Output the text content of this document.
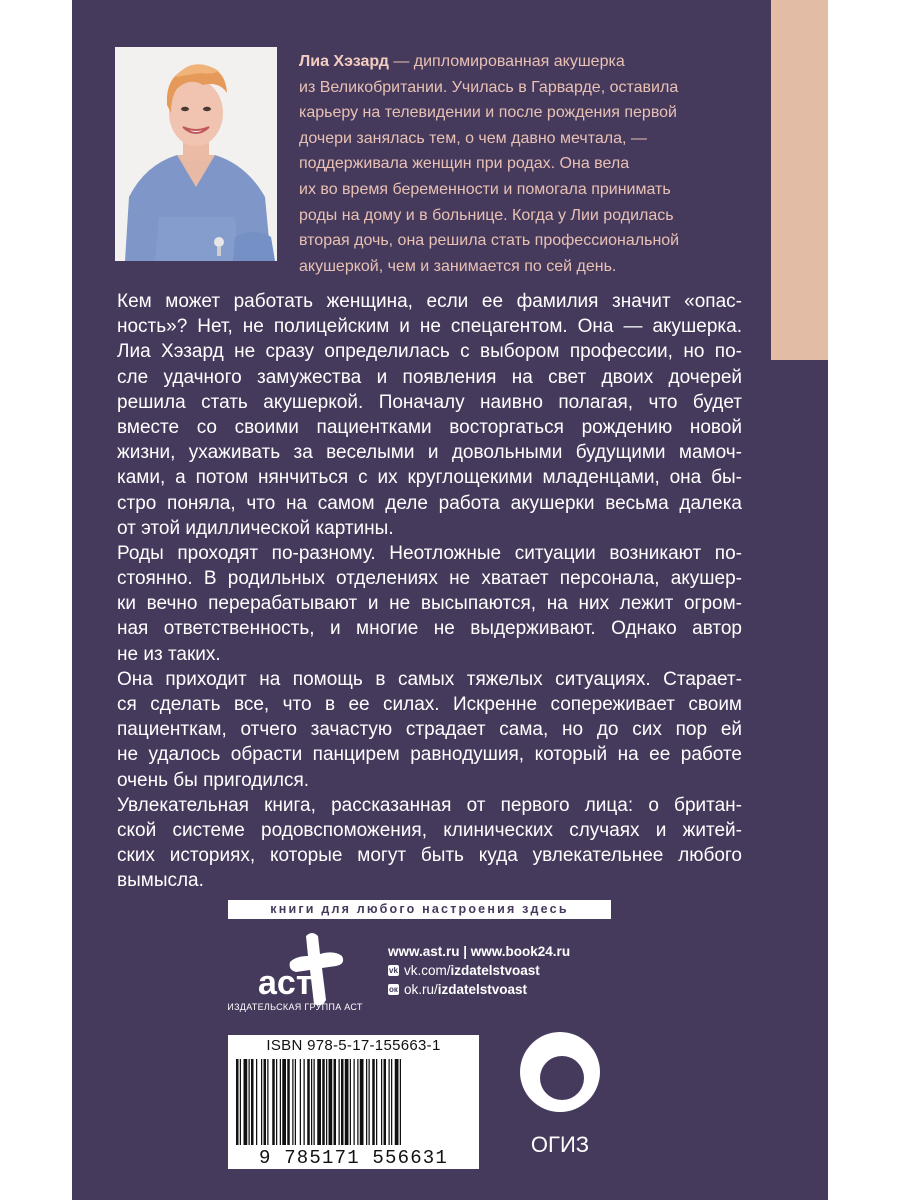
Лиа Хэзард — дипломированная акушерка
из Великобритании. Училась в Гарварде, оставила
карьеру на телевидении и после рождения первой
дочери занялась тем, о чем давно мечтала, —
поддерживала женщин при родах. Она вела
их во время беременности и помогала принимать
роды на дому и в больнице. Когда у Лии родилась
вторая дочь, она решила стать профессиональной
акушеркой, чем и занимается по сей день.
Кем может работать женщина, если ее фамилия значит «опас-
ность»? Нет, не полицейским и не спецагентом. Она — акушерка.
Лиа Хэзард не сразу определилась с выбором профессии, но по-
сле удачного замужества и появления на свет двоих дочерей
решила стать акушеркой. Поначалу наивно полагая, что будет
вместе со своими пациентками восторгаться рождению новой
жизни, ухаживать за веселыми и довольными будущими мамоч-
ками, а потом нянчиться с их круглощекими младенцами, она бы-
стро поняла, что на самом деле работа акушерки весьма далека
от этой идиллической картины.
Роды проходят по-разному. Неотложные ситуации возникают по-
стоянно. В родильных отделениях не хватает персонала, акушер-
ки вечно перерабатывают и не высыпаются, на них лежит огром-
ная ответственность, и многие не выдерживают. Однако автор
не из таких.
Она приходит на помощь в самых тяжелых ситуациях. Старает-
ся сделать все, что в ее силах. Искренне сопереживает своим
пациенткам, отчего зачастую страдает сама, но до сих пор ей
не удалось обрасти панцирем равнодушия, который на ее работе
очень бы пригодился.
Увлекательная книга, рассказанная от первого лица: о британ-
ской системе родовспоможения, клинических случаях и житей-
ских историях, которые могут быть куда увлекательнее любого
вымысла.
книги для любого настроения здесь
аст
ИЗДАТЕЛЬСКАЯ ГРУППА АСТ
www.ast.ru | www.book24.ru
vk vk.com/ izdatelstvoast
ок ok.ru/ izdatelstvoast
ISBN 978-5-17-155663-1
9 785171 556631
ОГИЗ
